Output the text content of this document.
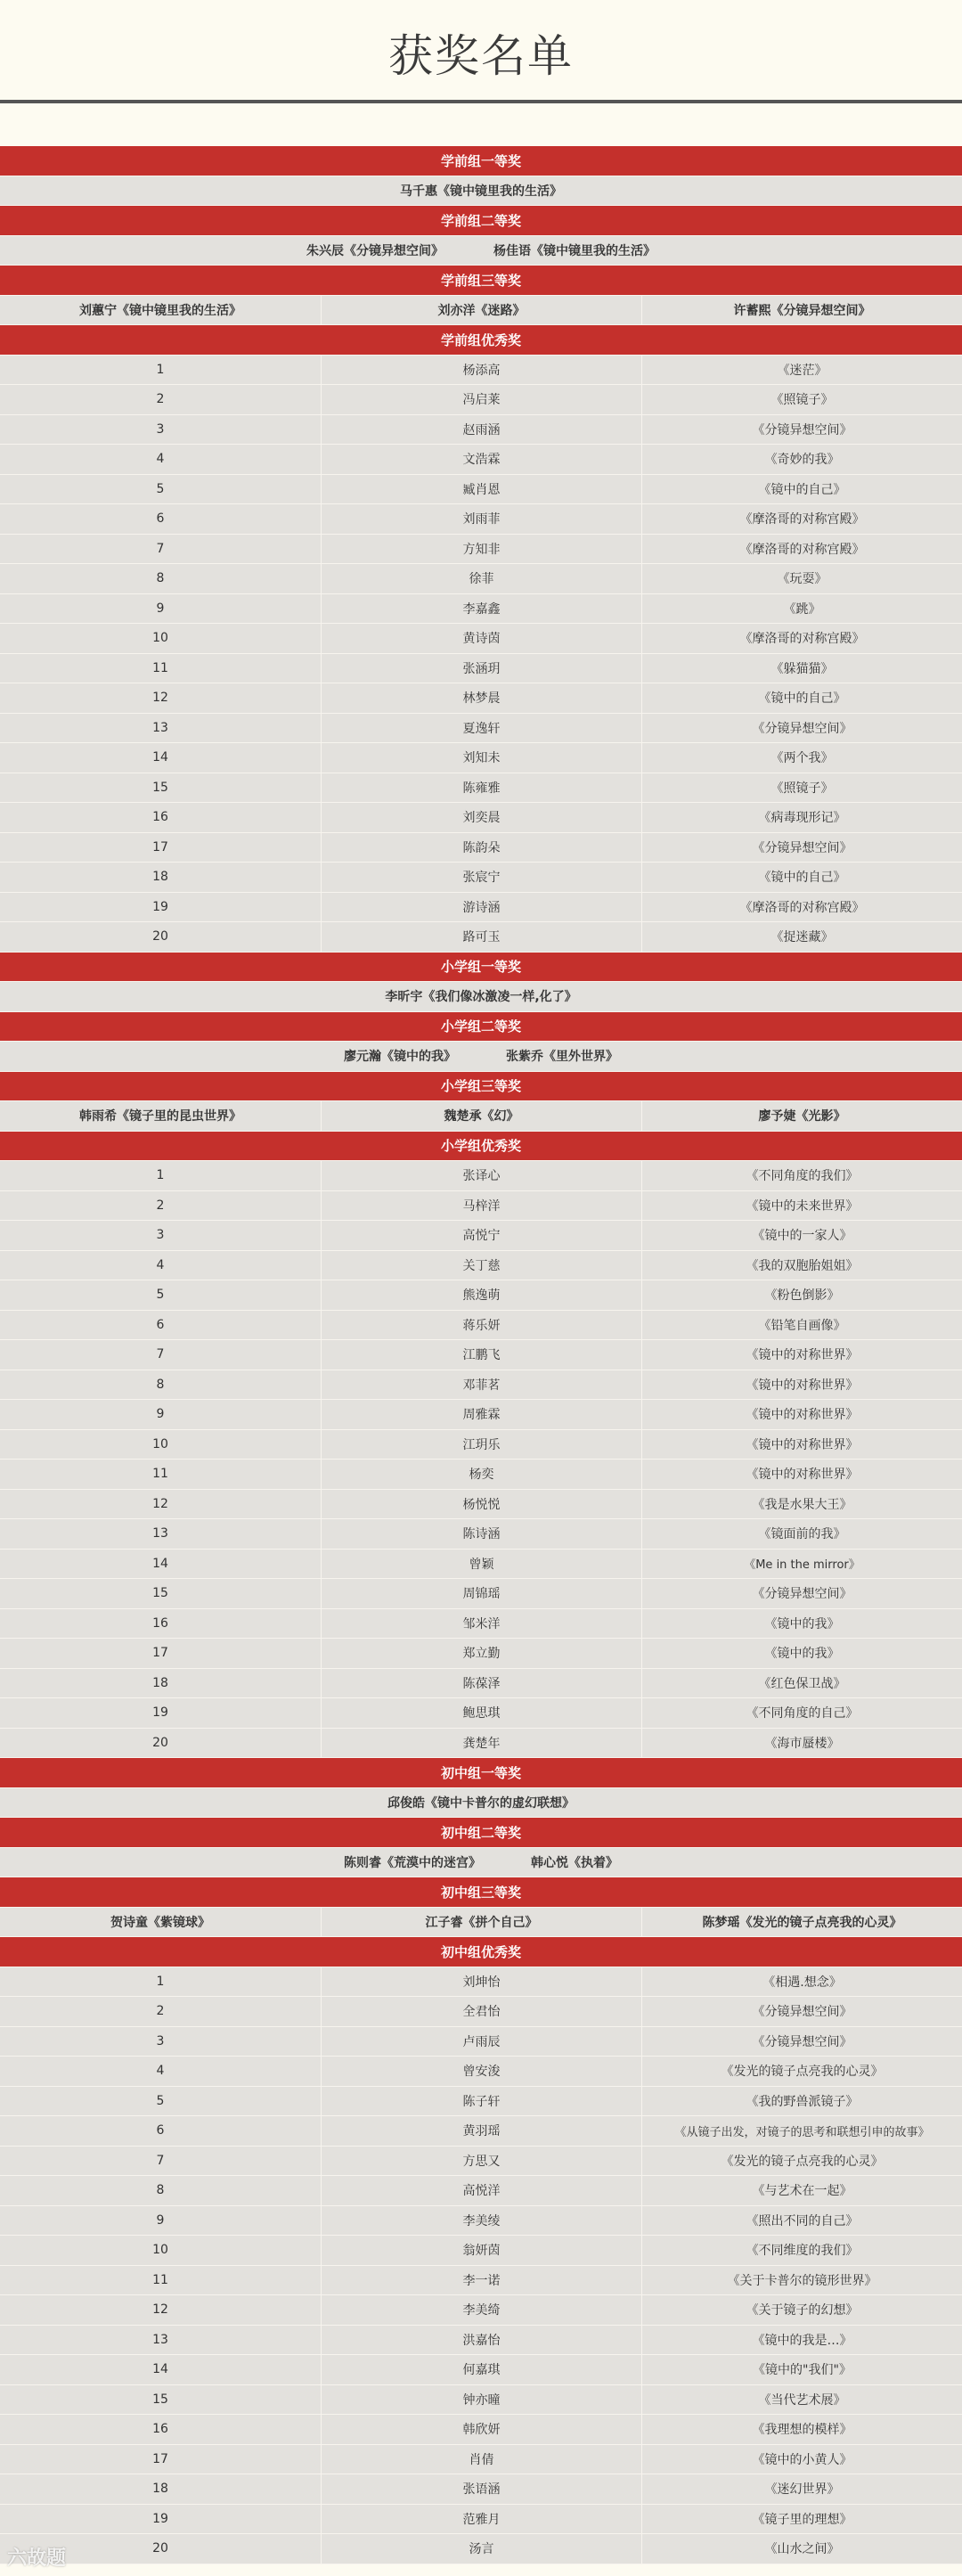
获奖名单
学前组一等奖
马千惠《镜中镜里我的生活》
学前组二等奖
朱兴辰《分镜异想空间》	杨佳语《镜中镜里我的生活》
学前组三等奖
刘蕙宁《镜中镜里我的生活》	刘亦洋《迷路》	许蓄熙《分镜异想空间》
学前组优秀奖
1	杨添高	《迷茫》
2	冯启莱	《照镜子》
3	赵雨涵	《分镜异想空间》
4	文浩霖	《奇妙的我》
5	臧肖恩	《镜中的自己》
6	刘雨菲	《摩洛哥的对称宫殿》
7	方知非	《摩洛哥的对称宫殿》
8	徐菲	《玩耍》
9	李嘉鑫	《跳》
10	黄诗茵	《摩洛哥的对称宫殿》
11	张涵玥	《躲猫猫》
12	林梦晨	《镜中的自己》
13	夏逸轩	《分镜异想空间》
14	刘知未	《两个我》
15	陈雍雅	《照镜子》
16	刘奕晨	《病毒现形记》
17	陈韵朵	《分镜异想空间》
18	张宸宁	《镜中的自己》
19	游诗涵	《摩洛哥的对称宫殿》
20	路可玉	《捉迷藏》
小学组一等奖
李昕宇《我们像冰激凌一样,化了》
小学组二等奖
廖元瀚《镜中的我》	张紫乔《里外世界》
小学组三等奖
韩雨希《镜子里的昆虫世界》	魏楚承《幻》	廖予婕《光影》
小学组优秀奖
1	张译心	《不同角度的我们》
2	马梓洋	《镜中的未来世界》
3	高悦宁	《镜中的一家人》
4	关丁慈	《我的双胞胎姐姐》
5	熊逸萌	《粉色倒影》
6	蒋乐妍	《铅笔自画像》
7	江鹏飞	《镜中的对称世界》
8	邓菲茗	《镜中的对称世界》
9	周雅霖	《镜中的对称世界》
10	江玥乐	《镜中的对称世界》
11	杨奕	《镜中的对称世界》
12	杨悦悦	《我是水果大王》
13	陈诗涵	《镜面前的我》
14	曾颖	《Me in the mirror》
15	周锦瑶	《分镜异想空间》
16	邹米洋	《镜中的我》
17	郑立勤	《镜中的我》
18	陈葆泽	《红色保卫战》
19	鲍思琪	《不同角度的自己》
20	龚楚年	《海市蜃楼》
初中组一等奖
邱俊皓《镜中卡普尔的虚幻联想》
初中组二等奖
陈则睿《荒漠中的迷宫》	韩心悦《执着》
初中组三等奖
贺诗童《紫镜球》	江子睿《拼个自己》	陈梦瑶《发光的镜子点亮我的心灵》
初中组优秀奖
1	刘坤怡	《相遇.想念》
2	全君怡	《分镜异想空间》
3	卢雨辰	《分镜异想空间》
4	曾安浚	《发光的镜子点亮我的心灵》
5	陈子轩	《我的野兽派镜子》
6	黄羽瑶	《从镜子出发，对镜子的思考和联想引申的故事》
7	方思又	《发光的镜子点亮我的心灵》
8	高悦洋	《与艺术在一起》
9	李美绫	《照出不同的自己》
10	翁妍茵	《不同维度的我们》
11	李一诺	《关于卡普尔的镜形世界》
12	李美绮	《关于镜子的幻想》
13	洪嘉怡	《镜中的我是…》
14	何嘉琪	《镜中的"我们"》
15	钟亦曈	《当代艺术展》
16	韩欣妍	《我理想的模样》
17	肖倩	《镜中的小黄人》
18	张语涵	《迷幻世界》
19	范雅月	《镜子里的理想》
20	汤言	《山水之间》
六故题
